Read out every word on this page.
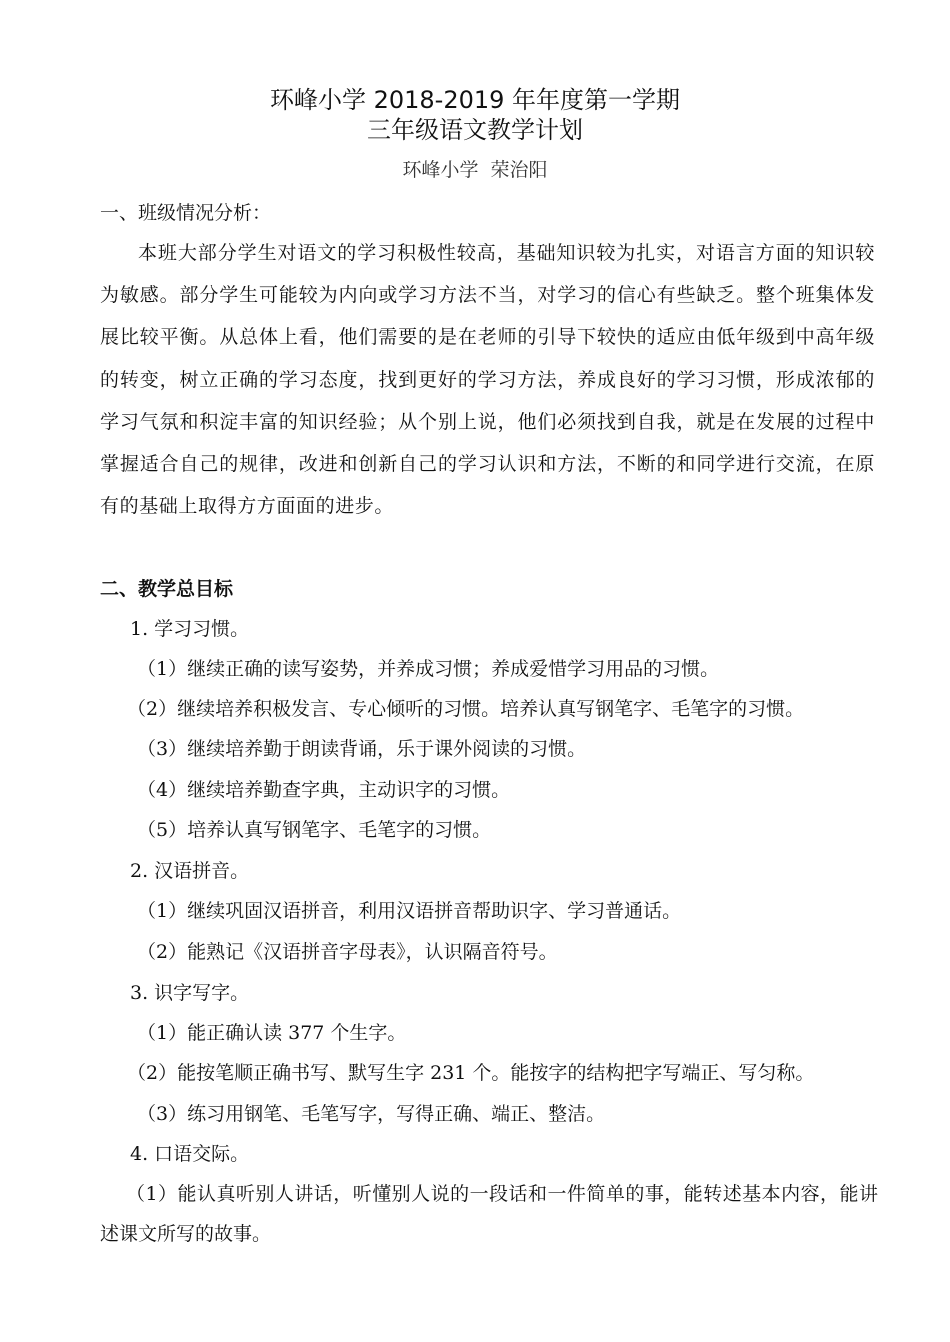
环峰小学 2018-2019 年年度第一学期
三年级语文教学计划
环峰小学  荣治阳
一、班级情况分析：
本班大部分学生对语文的学习积极性较高，基础知识较为扎实，对语言方面的知识较为敏感。部分学生可能较为内向或学习方法不当，对学习的信心有些缺乏。整个班集体发展比较平衡。从总体上看，他们需要的是在老师的引导下较快的适应由低年级到中高年级的转变，树立正确的学习态度，找到更好的学习方法，养成良好的学习习惯，形成浓郁的学习气氛和积淀丰富的知识经验；从个别上说，他们必须找到自我，就是在发展的过程中掌握适合自己的规律，改进和创新自己的学习认识和方法，不断的和同学进行交流，在原有的基础上取得方方面面的进步。
二、教学总目标
1. 学习习惯。
（1）继续正确的读写姿势，并养成习惯；养成爱惜学习用品的习惯。
（2）继续培养积极发言、专心倾听的习惯。培养认真写钢笔字、毛笔字的习惯。
（3）继续培养勤于朗读背诵，乐于课外阅读的习惯。
（4）继续培养勤查字典，主动识字的习惯。
（5）培养认真写钢笔字、毛笔字的习惯。
2. 汉语拼音。
（1）继续巩固汉语拼音，利用汉语拼音帮助识字、学习普通话。
（2）能熟记《汉语拼音字母表》，认识隔音符号。
3. 识字写字。
（1）能正确认读 377 个生字。
（2）能按笔顺正确书写、默写生字 231 个。能按字的结构把字写端正、写匀称。
（3）练习用钢笔、毛笔写字，写得正确、端正、整洁。
4. 口语交际。
（1）能认真听别人讲话，听懂别人说的一段话和一件简单的事，能转述基本内容，能讲述课文所写的故事。
